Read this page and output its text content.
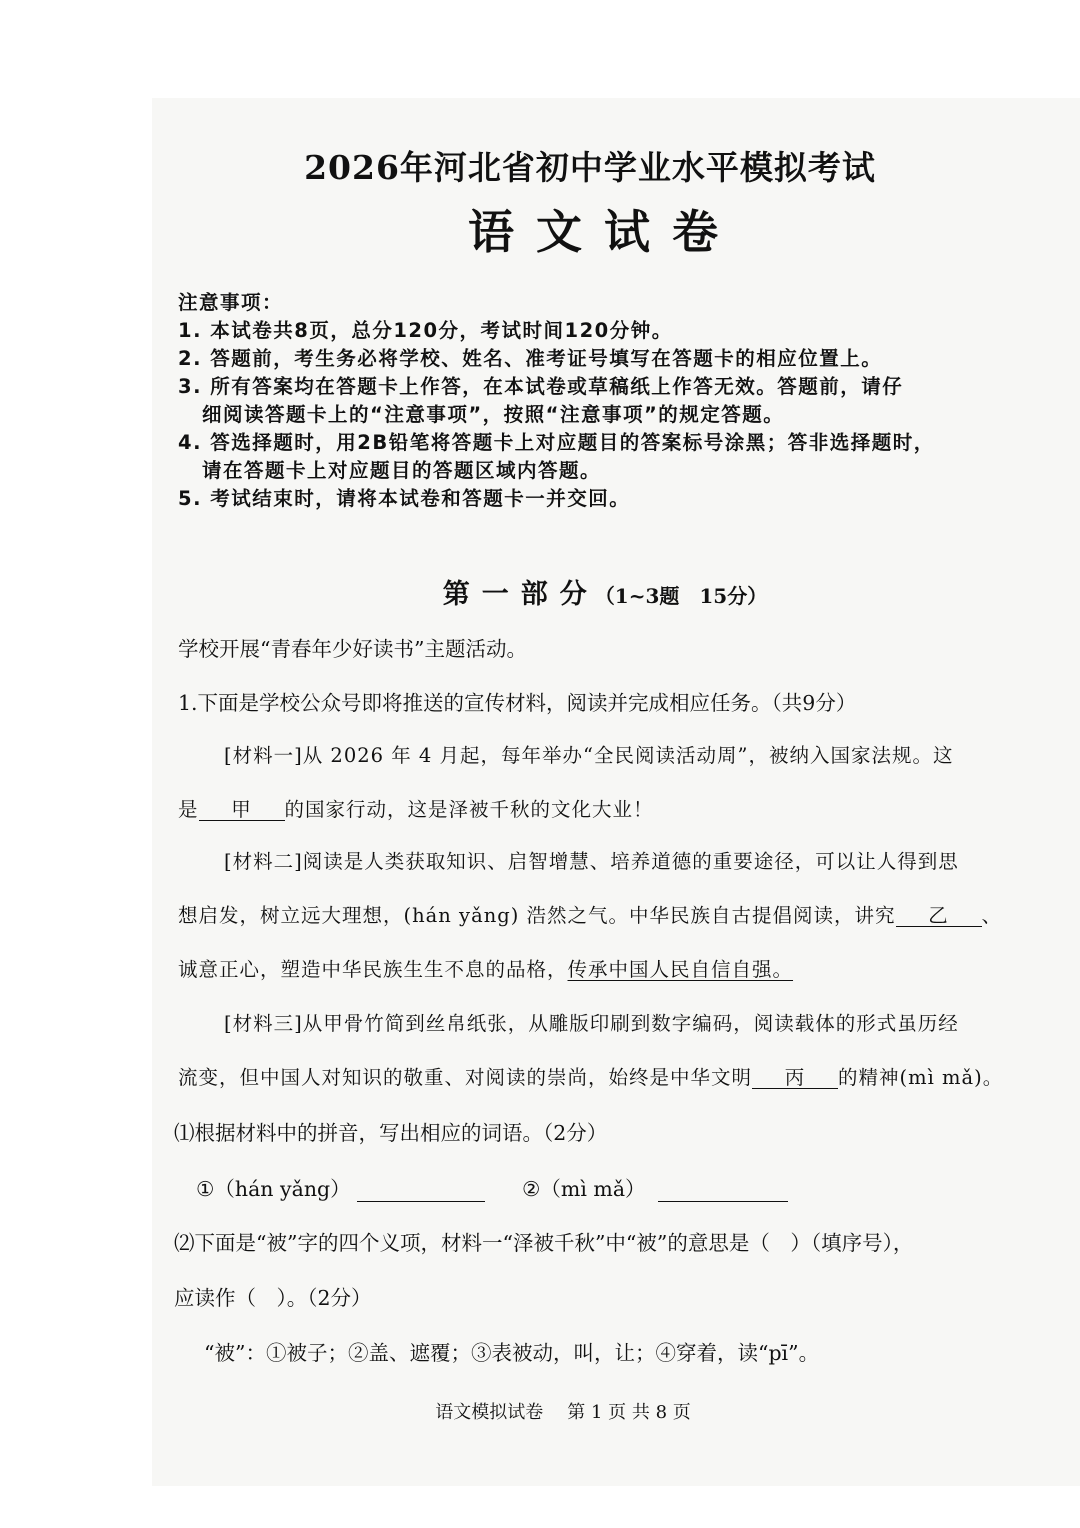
2026年河北省初中学业水平模拟考试
语文试卷
注意事项：
1. 本试卷共8页，总分120分，考试时间120分钟。
2. 答题前，考生务必将学校、姓名、准考证号填写在答题卡的相应位置上。
3. 所有答案均在答题卡上作答，在本试卷或草稿纸上作答无效。答题前，请仔
细阅读答题卡上的“注意事项”，按照“注意事项”的规定答题。
4. 答选择题时，用2B铅笔将答题卡上对应题目的答案标号涂黑；答非选择题时，
请在答题卡上对应题目的答题区域内答题。
5. 考试结束时，请将本试卷和答题卡一并交回。
第一部分（1~3题　15分）
学校开展“青春年少好读书”主题活动。
1.下面是学校公众号即将推送的宣传材料，阅读并完成相应任务。（共9分）
[材料一]从 2026 年 4 月起，每年举办“全民阅读活动周”，被纳入国家法规。这
是 甲 的国家行动，这是泽被千秋的文化大业！
[材料二]阅读是人类获取知识、启智增慧、培养道德的重要途径，可以让人得到思
想启发，树立远大理想，(hán yǎng) 浩然之气。中华民族自古提倡阅读，讲究 乙 、
诚意正心，塑造中华民族生生不息的品格，传承中国人民自信自强。
[材料三]从甲骨竹简到丝帛纸张，从雕版印刷到数字编码，阅读载体的形式虽历经
流变，但中国人对知识的敬重、对阅读的崇尚，始终是中华文明 丙 的精神(mì mǎ)。
⑴根据材料中的拼音，写出相应的词语。（2分）
①（hán yǎng）	②（mì mǎ）
⑵下面是“被”字的四个义项，材料一“泽被千秋”中“被”的意思是（　）（填序号），
应读作（　）。（2分）
“被”：①被子；②盖、遮覆；③表被动，叫，让；④穿着，读“pī”。
语文模拟试卷 第 1 页 共 8 页
